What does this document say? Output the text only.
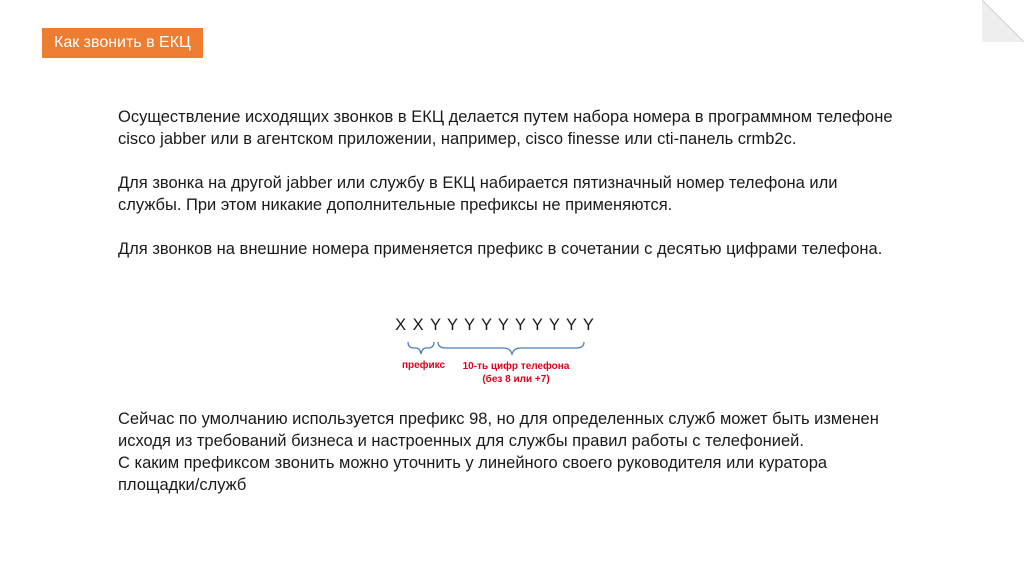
Как звонить в ЕКЦ

Осуществление исходящих звонков в ЕКЦ делается путем набора номера в программном телефоне cisco jabber или в агентском приложении, например, cisco finesse или cti-панель crmb2c.

Для звонка на другой jabber или службу в ЕКЦ набирается пятизначный номер телефона или службы. При этом никакие дополнительные префиксы не применяются.

Для звонков на внешние номера применяется префикс в сочетании с десятью цифрами телефона.

X X Y Y Y Y Y Y Y Y Y Y
префикс	10-ть цифр телефона
(без 8 или +7)

Сейчас по умолчанию используется префикс 98, но для определенных служб может быть изменен исходя из требований бизнеса и настроенных для службы правил работы с телефонией.

С каким префиксом звонить можно уточнить у линейного своего руководителя или куратора площадки/служб
